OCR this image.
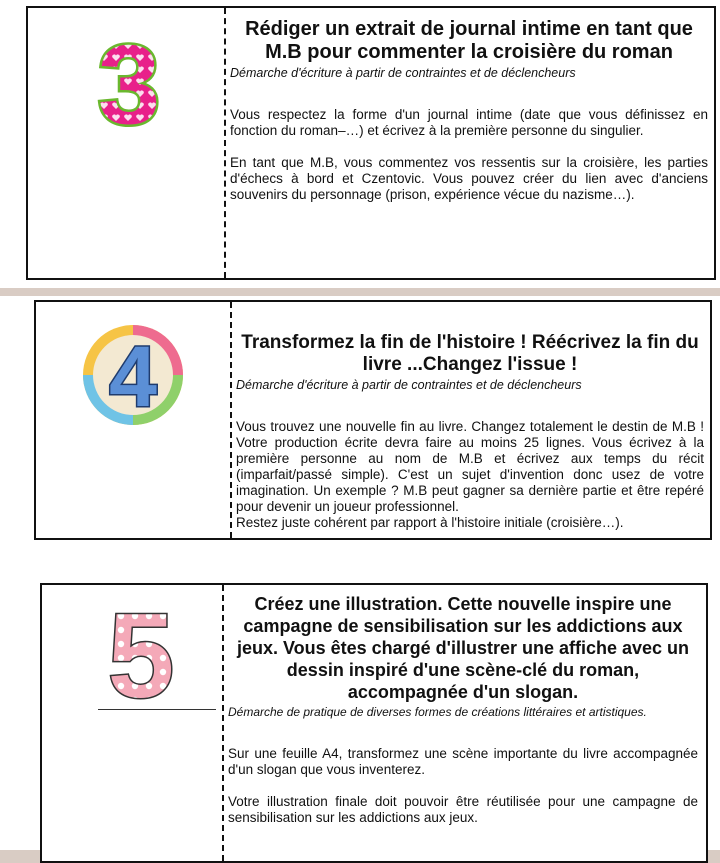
3	Rédiger un extrait de journal intime en tant que M.B pour commenter la croisière du roman

Démarche d'écriture à partir de contraintes et de déclencheurs

Vous respectez la forme d'un journal intime (date que vous définissez en fonction du roman–…) et écrivez à la première personne du singulier.

En tant que M.B, vous commentez vos ressentis sur la croisière, les parties d'échecs à bord et Czentovic. Vous pouvez créer du lien avec d'anciens souvenirs du personnage (prison, expérience vécue du nazisme…).

4	Transformez la fin de l'histoire ! Réécrivez la fin du livre ...Changez l'issue !

Démarche d'écriture à partir de contraintes et de déclencheurs

Vous trouvez une nouvelle fin au livre. Changez totalement le destin de M.B ! Votre production écrite devra faire au moins 25 lignes. Vous écrivez à la première personne au nom de M.B et écrivez aux temps du récit (imparfait/passé simple). C'est un sujet d'invention donc usez de votre imagination. Un exemple ? M.B peut gagner sa dernière partie et être repéré pour devenir un joueur professionnel.

Restez juste cohérent par rapport à l'histoire initiale (croisière…).

5	Créez une illustration. Cette nouvelle inspire une campagne de sensibilisation sur les addictions aux jeux. Vous êtes chargé d'illustrer une affiche avec un dessin inspiré d'une scène-clé du roman, accompagnée d'un slogan.

Démarche de pratique de diverses formes de créations littéraires et artistiques.

Sur une feuille A4, transformez une scène importante du livre accompagnée d'un slogan que vous inventerez.

Votre illustration finale doit pouvoir être réutilisée pour une campagne de sensibilisation sur les addictions aux jeux.
